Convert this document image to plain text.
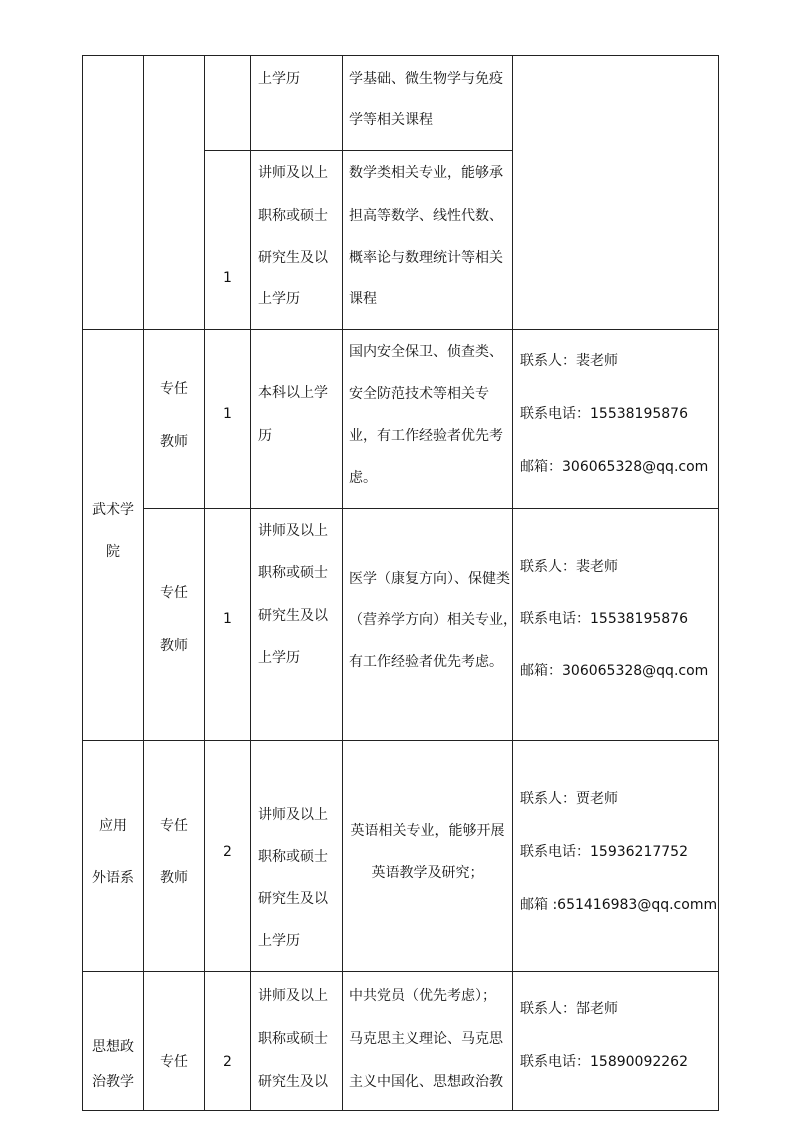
上学历	学基础、微生物学与免疫
学等相关课程
1
讲师及以上
职称或硕士
研究生及以
上学历
数学类相关专业，能够承
担高等数学、线性代数、
概率论与数理统计等相关
课程
武术学
院
专任
教师
1
本科以上学
历
国内安全保卫、侦查类、
安全防范技术等相关专
业，有工作经验者优先考
虑。
联系人：裴老师
联系电话：15538195876
邮箱：306065328@qq.com
专任
教师
1
讲师及以上
职称或硕士
研究生及以
上学历
医学（康复方向）、保健类
（营养学方向）相关专业，
有工作经验者优先考虑。
联系人：裴老师
联系电话：15538195876
邮箱：306065328@qq.com
应用
外语系
专任
教师
2
讲师及以上
职称或硕士
研究生及以
上学历
英语相关专业，能够开展
英语教学及研究；
联系人：贾老师
联系电话：15936217752
邮箱 :651416983@qq.comm
思想政
治教学
专任	2
讲师及以上
职称或硕士
研究生及以
中共党员（优先考虑）；
马克思主义理论、马克思
主义中国化、思想政治教
联系人：郜老师
联系电话：15890092262
